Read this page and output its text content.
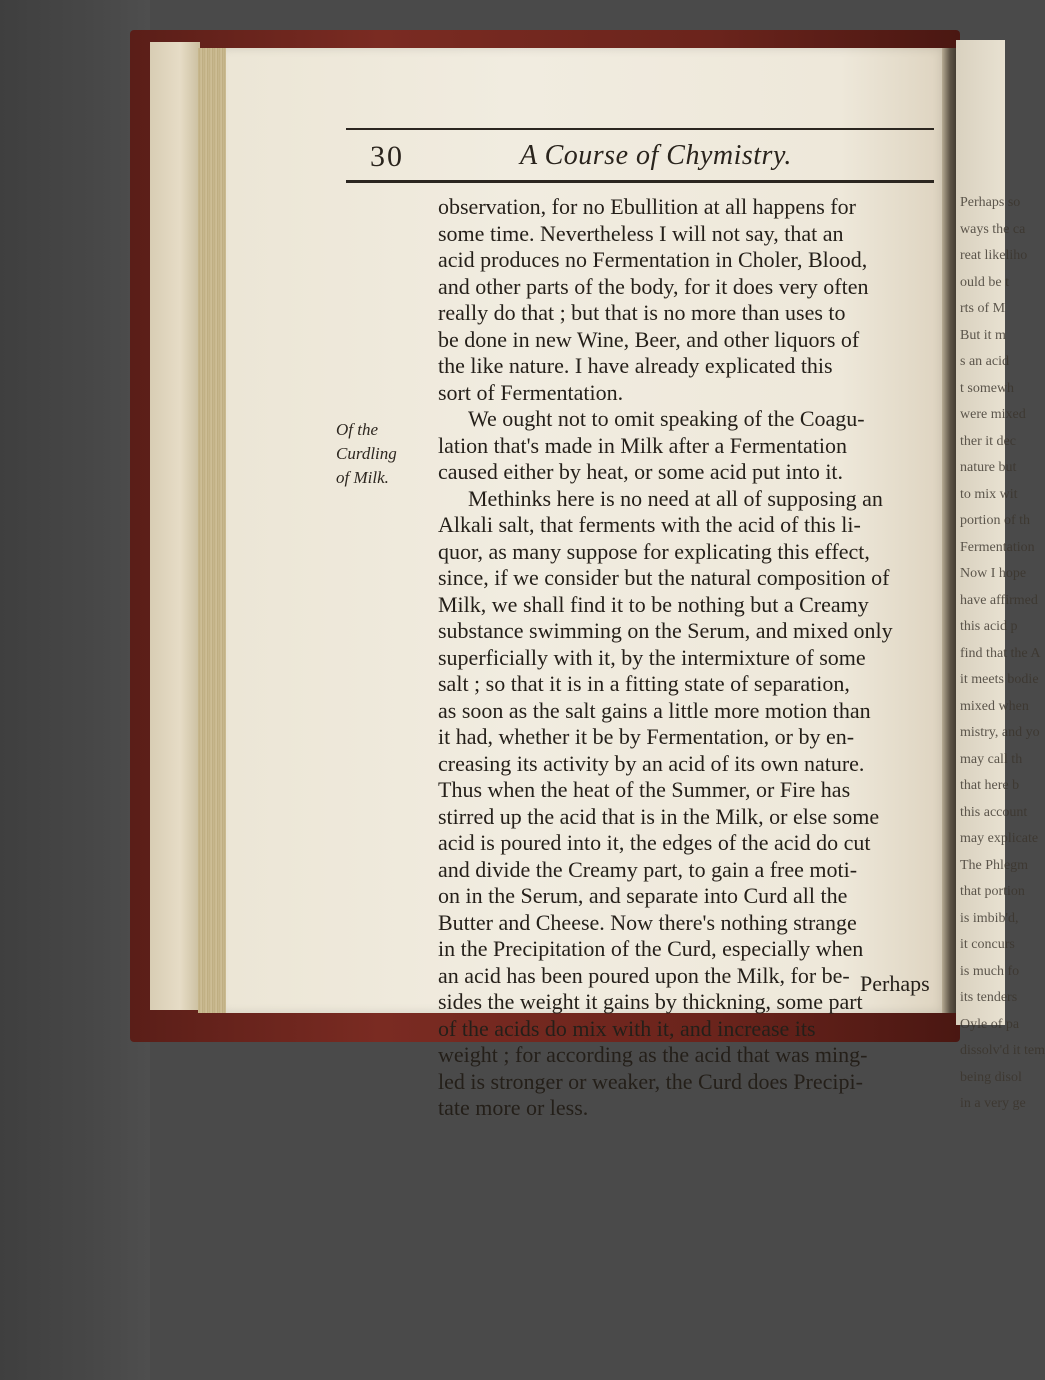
30	A Course of Chymistry.
Of the
Curdling
of Milk.

observation, for no Ebullition at all happens for

some time. Nevertheless I will not say, that an

acid produces no Fermentation in Choler, Blood,

and other parts of the body, for it does very often

really do that ; but that is no more than uses to

be done in new Wine, Beer, and other liquors of

the like nature. I have already explicated this

sort of Fermentation.

We ought not to omit speaking of the Coagu-

lation that's made in Milk after a Fermentation

caused either by heat, or some acid put into it.

Methinks here is no need at all of supposing an

Alkali salt, that ferments with the acid of this li-

quor, as many suppose for explicating this effect,

since, if we consider but the natural composition of

Milk, we shall find it to be nothing but a Creamy

substance swimming on the Serum, and mixed only

superficially with it, by the intermixture of some

salt ; so that it is in a fitting state of separation,

as soon as the salt gains a little more motion than

it had, whether it be by Fermentation, or by en-

creasing its activity by an acid of its own nature.

Thus when the heat of the Summer, or Fire has

stirred up the acid that is in the Milk, or else some

acid is poured into it, the edges of the acid do cut

and divide the Creamy part, to gain a free moti-

on in the Serum, and separate into Curd all the

Butter and Cheese. Now there's nothing strange

in the Precipitation of the Curd, especially when

an acid has been poured upon the Milk, for be-

sides the weight it gains by thickning, some part

of the acids do mix with it, and increase its

weight ; for according as the acid that was ming-

led is stronger or weaker, the Curd does Precipi-

tate more or less.

Perhaps
Perhaps so
ways the ca
reat likeliho
ould be t
rts of M
But it m
s an acid
t somewh
were mixed
ther it dec
nature but
to mix wit
portion of th
Fermentation
Now I hope
have affirmed
this acid p
find that the A
it meets bodie
mixed when
mistry, and yo
may call th
that here b
this account
may explicate
The Phlegm
that portion
is imbib'd,
it concurs
is much fo
its tenders
Oyle of pa
dissolv'd it tem
being disol
in a very ge
